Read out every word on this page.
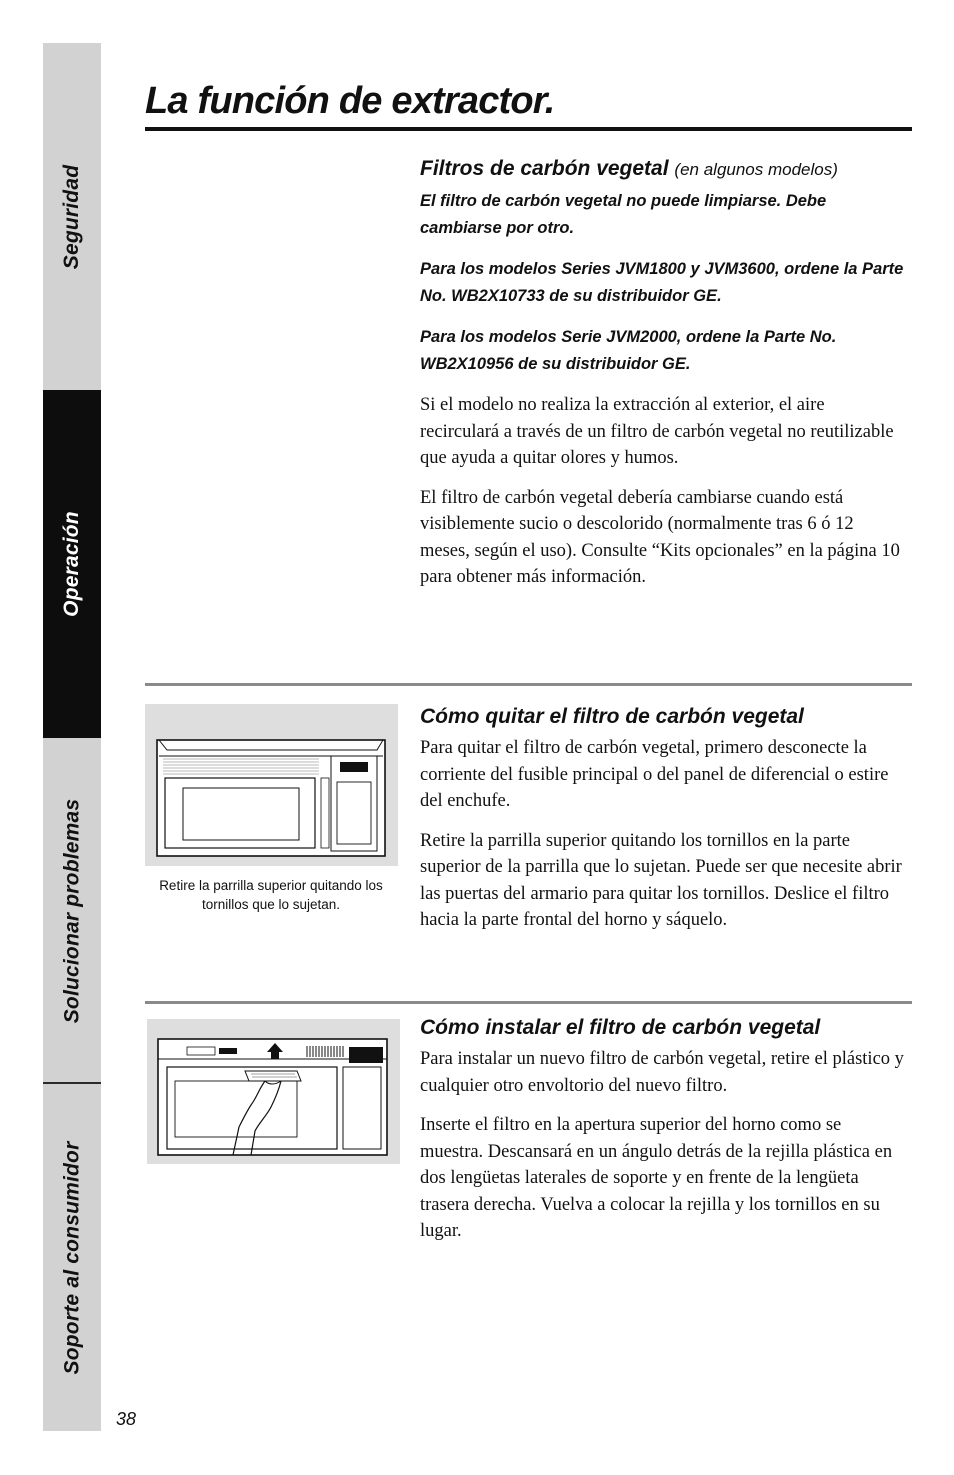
Seguridad
Operación
Solucionar problemas
Soporte al consumidor
La función de extractor.
Filtros de carbón vegetal (en algunos modelos)

El filtro de carbón vegetal no puede limpiarse. Debe cambiarse por otro.

Para los modelos Series JVM1800 y JVM3600, ordene la Parte No. WB2X10733 de su distribuidor GE.

Para los modelos Serie JVM2000, ordene la Parte No. WB2X10956 de su distribuidor GE.

Si el modelo no realiza la extracción al exterior, el aire recirculará a través de un filtro de carbón vegetal no reutilizable que ayuda a quitar olores y humos.

El filtro de carbón vegetal debería cambiarse cuando está visiblemente sucio o descolorido (normalmente tras 6 ó 12 meses, según el uso). Consulte “Kits opcionales” en la página 10 para obtener más información.

Retire la parrilla superior quitando los tornillos que lo sujetan.
Cómo quitar el filtro de carbón vegetal

Para quitar el filtro de carbón vegetal, primero desconecte la corriente del fusible principal o del panel de diferencial o estire del enchufe.

Retire la parrilla superior quitando los tornillos en la parte superior de la parrilla que lo sujetan. Puede ser que necesite abrir las puertas del armario para quitar los tornillos. Deslice el filtro hacia la parte frontal del horno y sáquelo.

Cómo instalar el filtro de carbón vegetal

Para instalar un nuevo filtro de carbón vegetal, retire el plástico y cualquier otro envoltorio del nuevo filtro.

Inserte el filtro en la apertura superior del horno como se muestra. Descansará en un ángulo detrás de la rejilla plástica en dos lengüetas laterales de soporte y en frente de la lengüeta trasera derecha. Vuelva a colocar la rejilla y los tornillos en su lugar.

38
